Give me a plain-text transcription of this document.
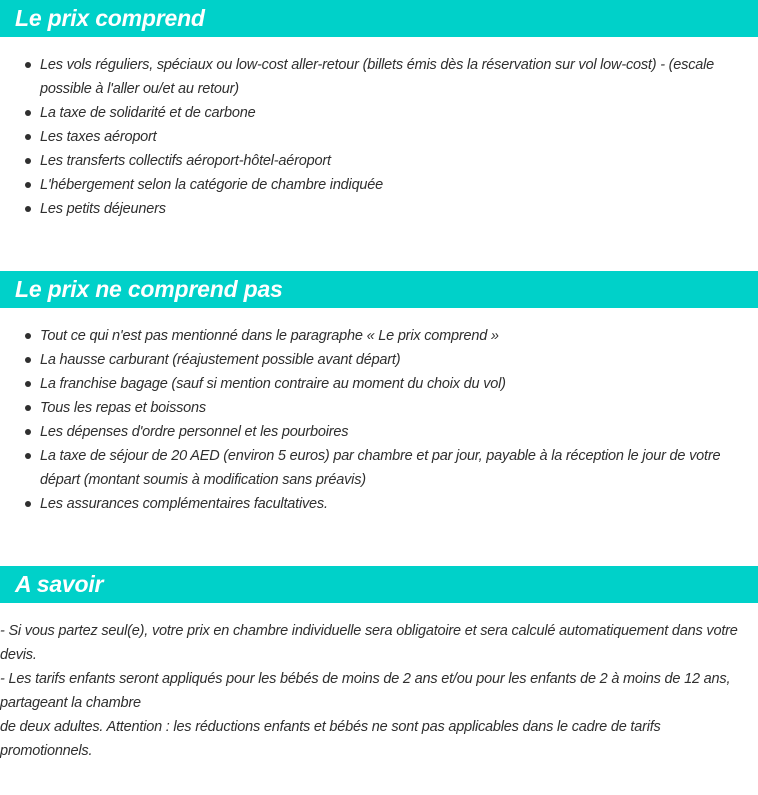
Le prix comprend
Les vols réguliers, spéciaux ou low-cost aller-retour (billets émis dès la réservation sur vol low-cost) - (escale possible à l'aller ou/et au retour)
La taxe de solidarité et de carbone
Les taxes aéroport
Les transferts collectifs aéroport-hôtel-aéroport
L'hébergement selon la catégorie de chambre indiquée
Les petits déjeuners
Le prix ne comprend pas
Tout ce qui n'est pas mentionné dans le paragraphe « Le prix comprend »
La hausse carburant (réajustement possible avant départ)
La franchise bagage (sauf si mention contraire au moment du choix du vol)
Tous les repas et boissons
Les dépenses d'ordre personnel et les pourboires
La taxe de séjour de 20 AED (environ 5 euros) par chambre et par jour, payable à la réception le jour de votre départ (montant soumis à modification sans préavis)
Les assurances complémentaires facultatives.
A savoir

- Si vous partez seul(e), votre prix en chambre individuelle sera obligatoire et sera calculé automatiquement dans votre devis.

- Les tarifs enfants seront appliqués pour les bébés de moins de 2 ans et/ou pour les enfants de 2 à moins de 12 ans, partageant la chambre

de deux adultes. Attention : les réductions enfants et bébés ne sont pas applicables dans le cadre de tarifs promotionnels.
